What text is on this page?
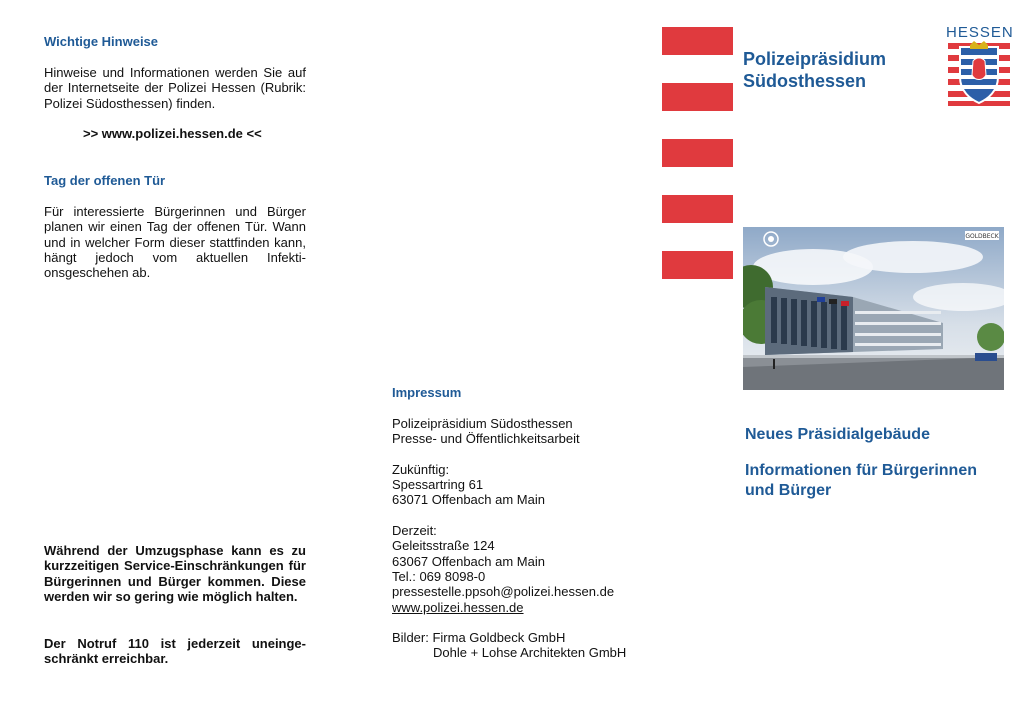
Wichtige Hinweise
Hinweise und Informationen werden Sie auf der Internetseite der Polizei Hessen (Rubrik: Polizei Südosthessen) finden.
>> www.polizei.hessen.de <<
Tag der offenen Tür
Für interessierte Bürgerinnen und Bürger planen wir einen Tag der offenen Tür. Wann und in welcher Form dieser stattfinden kann, hängt jedoch vom aktuellen Infekti-onsgeschehen ab.
Während der Umzugsphase kann es zu kurzzeitigen Service-Einschränkungen für Bürgerinnen und Bürger kommen. Diese werden wir so gering wie möglich halten.
Der Notruf 110 ist jederzeit uneinge-schränkt erreichbar.
Impressum
Polizeipräsidium Südosthessen
Presse- und Öffentlichkeitsarbeit
Zukünftig:
Spessartring 61
63071 Offenbach am Main
Derzeit:
Geleitsstraße 124
63067 Offenbach am Main
Tel.: 069 8098-0
pressestelle.ppsoh@polizei.hessen.de
www.polizei.hessen.de
Bilder: Firma Goldbeck GmbH
Dohle + Lohse Architekten GmbH
Polizeipräsidium
Südosthessen
HESSEN
GOLDBECK
Neues Präsidialgebäude
Informationen für Bürgerinnen
und Bürger
